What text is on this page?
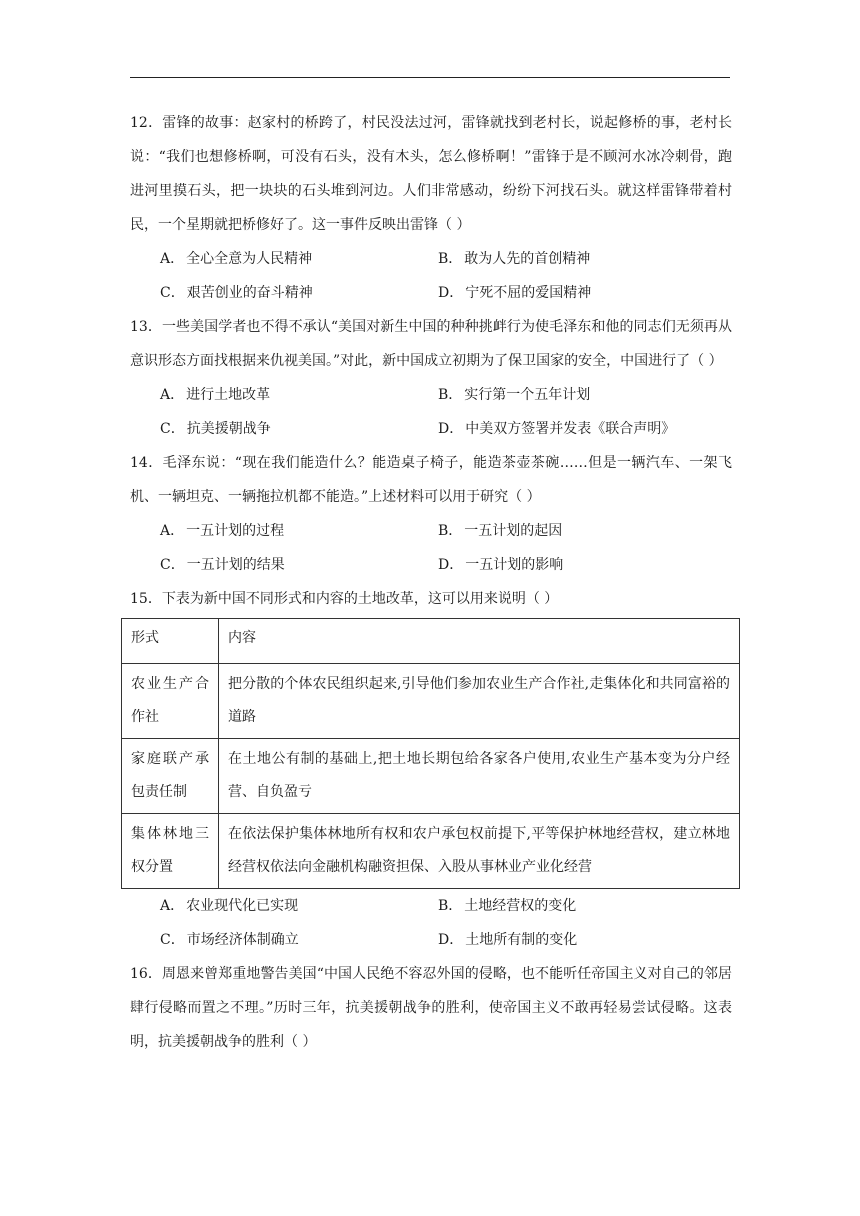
12．雷锋的故事：赵家村的桥跨了，村民没法过河，雷锋就找到老村长，说起修桥的事，老村长说：“我们也想修桥啊，可没有石头，没有木头，怎么修桥啊！”雷锋于是不顾河水冰冷刺骨，跑进河里摸石头，把一块块的石头堆到河边。人们非常感动，纷纷下河找石头。就这样雷锋带着村民，一个星期就把桥修好了。这一事件反映出雷锋（ ）

A． 全心全意为人民精神	B． 敢为人先的首创精神
C． 艰苦创业的奋斗精神	D． 宁死不屈的爱国精神

13．一些美国学者也不得不承认“美国对新生中国的种种挑衅行为使毛泽东和他的同志们无须再从意识形态方面找根据来仇视美国。”对此，新中国成立初期为了保卫国家的安全，中国进行了（ ）

A． 进行土地改革	B． 实行第一个五年计划
C． 抗美援朝战争	D． 中美双方签署并发表《联合声明》

14．毛泽东说：“现在我们能造什么？能造桌子椅子，能造茶壶茶碗……但是一辆汽车、一架飞机、一辆坦克、一辆拖拉机都不能造。”上述材料可以用于研究（ ）

A． 一五计划的过程	B． 一五计划的起因
C． 一五计划的结果	D． 一五计划的影响

15．下表为新中国不同形式和内容的土地改革，这可以用来说明（ ）

形式	内容
农业生产合作社	把分散的个体农民组织起来,引导他们参加农业生产合作社,走集体化和共同富裕的道路
家庭联产承包责任制	在土地公有制的基础上,把土地长期包给各家各户使用,农业生产基本变为分户经营、自负盈亏
集体林地三权分置	在依法保护集体林地所有权和农户承包权前提下,平等保护林地经营权，建立林地经营权依法向金融机构融资担保、入股从事林业产业化经营
A． 农业现代化已实现	B． 土地经营权的变化
C． 市场经济体制确立	D． 土地所有制的变化

16．周恩来曾郑重地警告美国“中国人民绝不容忍外国的侵略，也不能听任帝国主义对自己的邻居肆行侵略而置之不理。”历时三年，抗美援朝战争的胜利，使帝国主义不敢再轻易尝试侵略。这表明，抗美援朝战争的胜利（ ）
